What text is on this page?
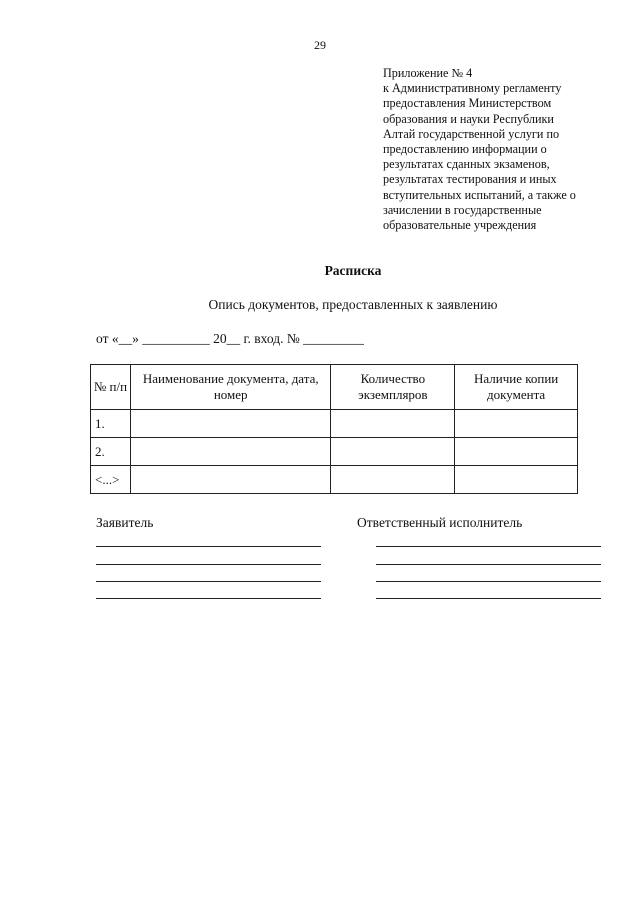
29
Приложение № 4
к Административному регламенту
предоставления Министерством
образования и науки Республики
Алтай государственной услуги по
предоставлению информации о
результатах сданных экзаменов,
результатах тестирования и иных
вступительных испытаний, а также о
зачислении в государственные
образовательные учреждения
Расписка
Опись документов, предоставленных к заявлению
от «__» __________ 20__ г. вход. № _________
№ п/п	Наименование документа, дата, номер	Количество экземпляров	Наличие копии документа
1.			
2.			
<...>			
Заявитель	Ответственный исполнитель
